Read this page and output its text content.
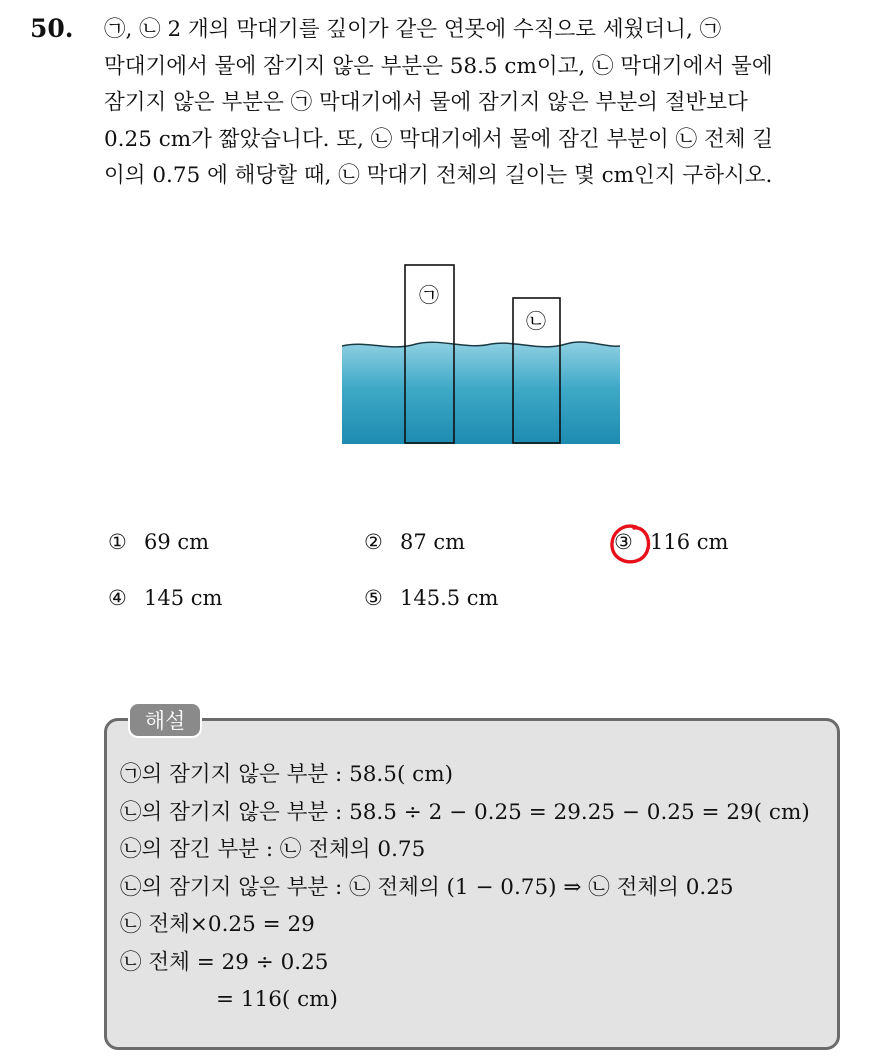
50. ㉠, ㉡ 2 개의 막대기를 깊이가 같은 연못에 수직으로 세웠더니, ㉠
막대기에서 물에 잠기지 않은 부분은 58.5 cm이고, ㉡ 막대기에서 물에
잠기지 않은 부분은 ㉠ 막대기에서 물에 잠기지 않은 부분의 절반보다
0.25 cm가 짧았습니다. 또, ㉡ 막대기에서 물에 잠긴 부분이 ㉡ 전체 길
이의 0.75 에 해당할 때, ㉡ 막대기 전체의 길이는 몇 cm인지 구하시오.
㉠
㉡
① 69 cm	② 87 cm	③ 116 cm
④ 145 cm	⑤ 145.5 cm
해설
㉠의 잠기지 않은 부분 : 58.5( cm)
㉡의 잠기지 않은 부분 : 58.5 ÷ 2 − 0.25 = 29.25 − 0.25 = 29( cm)
㉡의 잠긴 부분 : ㉡ 전체의 0.75
㉡의 잠기지 않은 부분 : ㉡ 전체의 (1 − 0.75) ⇒ ㉡ 전체의 0.25
㉡ 전체×0.25 = 29
㉡ 전체 = 29 ÷ 0.25
= 116( cm)
